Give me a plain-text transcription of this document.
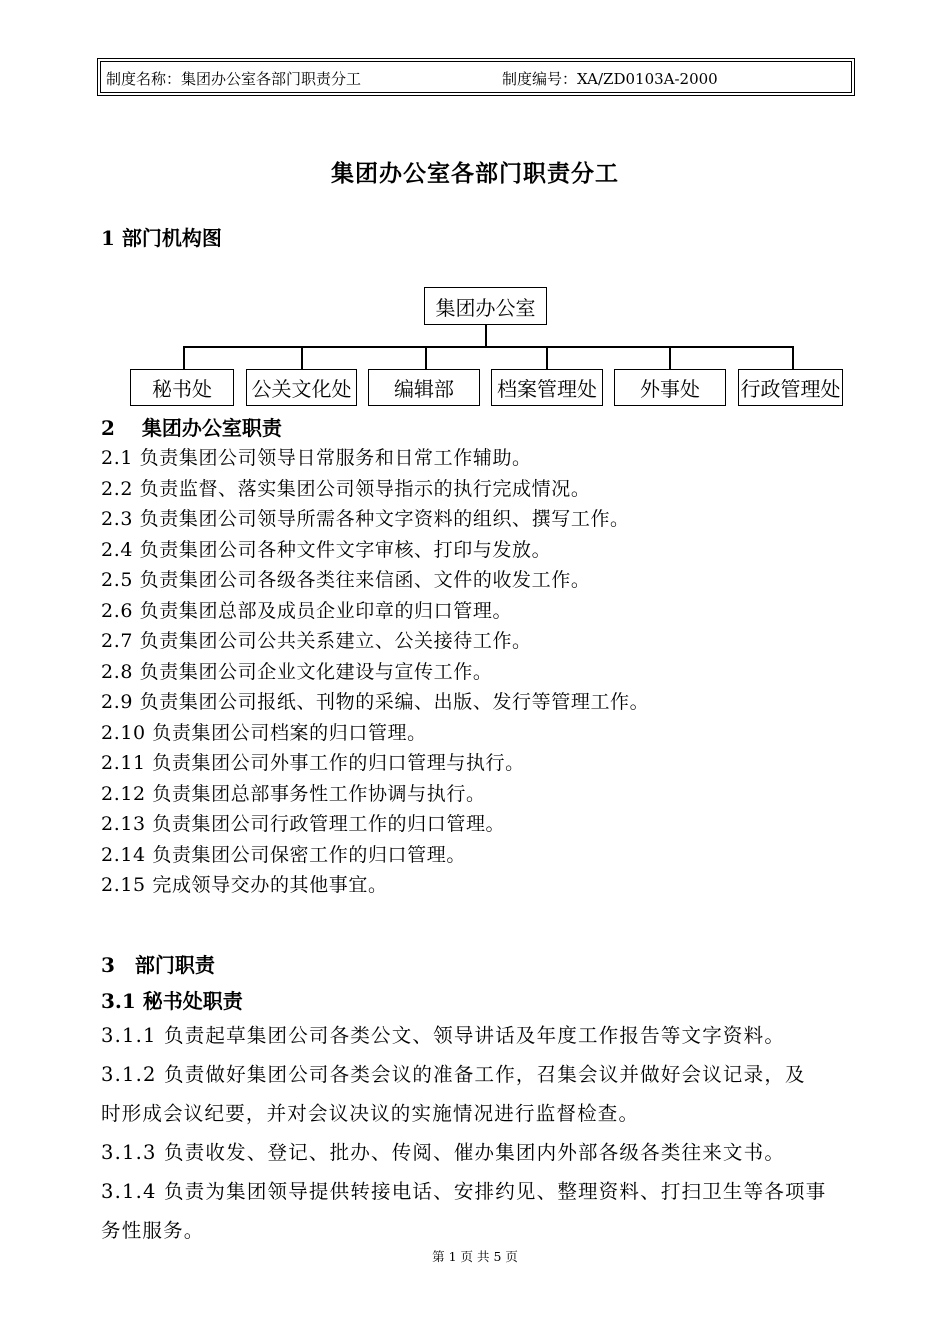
制度名称：集团办公室各部门职责分工	制度编号：XA/ZD0103A-2000
集团办公室各部门职责分工
1 部门机构图
集团办公室
秘书处	公关文化处	编辑部	档案管理处	外事处	行政管理处
2　 集团办公室职责
2.1 负责集团公司领导日常服务和日常工作辅助。
2.2 负责监督、落实集团公司领导指示的执行完成情况。
2.3 负责集团公司领导所需各种文字资料的组织、撰写工作。
2.4 负责集团公司各种文件文字审核、打印与发放。
2.5 负责集团公司各级各类往来信函、文件的收发工作。
2.6 负责集团总部及成员企业印章的归口管理。
2.7 负责集团公司公共关系建立、公关接待工作。
2.8 负责集团公司企业文化建设与宣传工作。
2.9 负责集团公司报纸、刊物的采编、出版、发行等管理工作。
2.10 负责集团公司档案的归口管理。
2.11 负责集团公司外事工作的归口管理与执行。
2.12 负责集团总部事务性工作协调与执行。
2.13 负责集团公司行政管理工作的归口管理。
2.14 负责集团公司保密工作的归口管理。
2.15 完成领导交办的其他事宜。
3　部门职责
3.1 秘书处职责
3.1.1 负责起草集团公司各类公文、领导讲话及年度工作报告等文字资料。
3.1.2 负责做好集团公司各类会议的准备工作，召集会议并做好会议记录，及
时形成会议纪要，并对会议决议的实施情况进行监督检查。
3.1.3 负责收发、登记、批办、传阅、催办集团内外部各级各类往来文书。
3.1.4 负责为集团领导提供转接电话、安排约见、整理资料、打扫卫生等各项事
务性服务。
第 1 页 共 5 页
